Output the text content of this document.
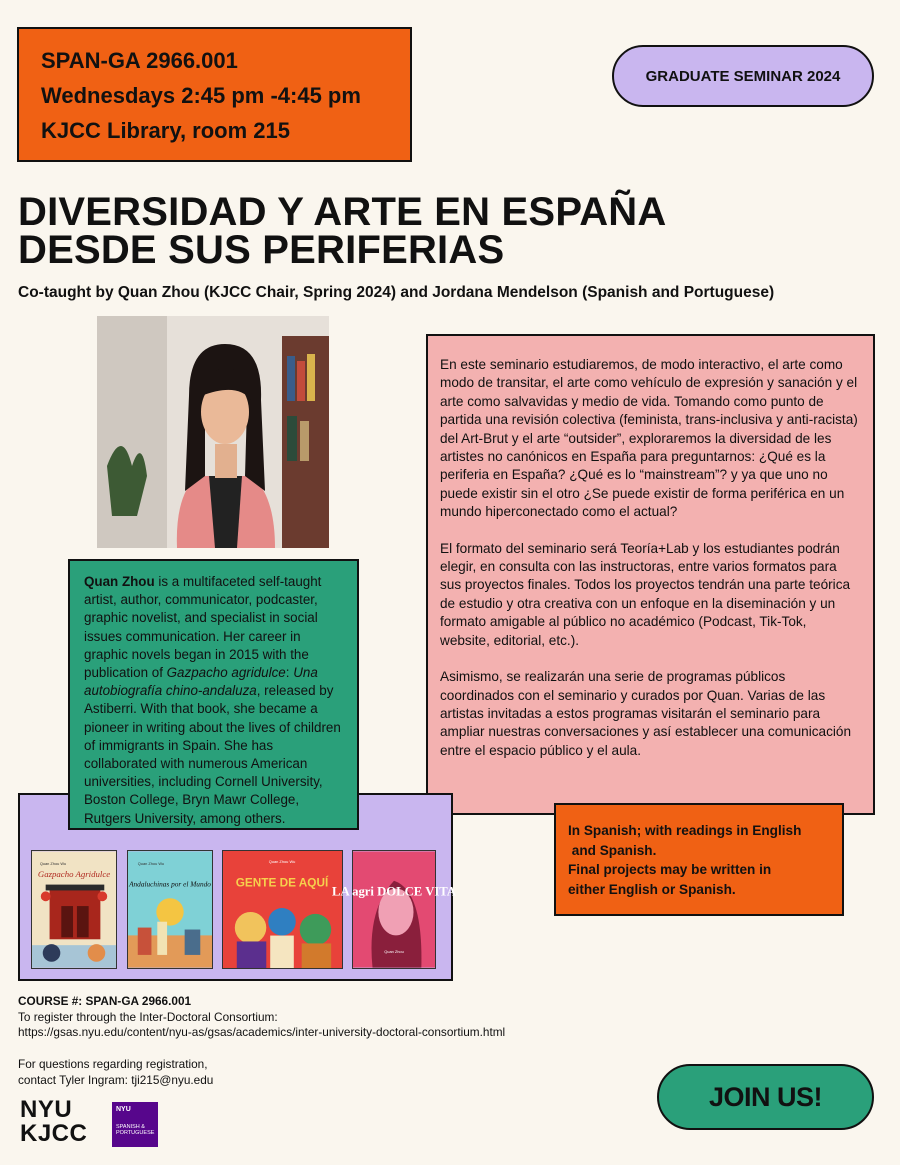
SPAN-GA 2966.001
Wednesdays 2:45 pm -4:45 pm
KJCC Library, room 215
GRADUATE SEMINAR 2024
DIVERSIDAD Y ARTE EN ESPAÑA
DESDE SUS PERIFERIAS
Co-taught by Quan Zhou (KJCC Chair, Spring 2024) and Jordana Mendelson (Spanish and Portuguese)

En este seminario estudiaremos, de modo interactivo, el arte como modo de transitar, el arte como vehículo de expresión y sanación y el arte como salvavidas y medio de vida. Tomando como punto de partida una revisión colectiva (feminista, trans-inclusiva y anti-racista) del Art-Brut y el arte “outsider”, exploraremos la diversidad de les artistes no canónicos en España para preguntarnos: ¿Qué es la periferia en España? ¿Qué es lo “mainstream”? y ya que uno no puede existir sin el otro ¿Se puede existir de forma periférica en un mundo hiperconectado como el actual?

El formato del seminario será Teoría+Lab y los estudiantes podrán elegir, en consulta con las instructoras, entre varios formatos para sus proyectos finales. Todos los proyectos tendrán una parte teórica de estudio y otra creativa con un enfoque en la diseminación y un formato amigable al público no académico (Podcast, Tik-Tok, website, editorial, etc.).

Asimismo, se realizarán una serie de programas públicos coordinados con el seminario y curados por Quan. Varias de las artistas invitadas a estos programas visitarán el seminario para ampliar nuestras conversaciones y así establecer una comunicación entre el espacio público y el aula.

Quan Zhou Wu
Gazpacho Agridulce
Quan Zhou Wu
Andaluchinas por el Mundo GENTE DE AQUÍ
Quan Zhou Wu
LA agri DOLCE VITA
Quan Zhou
Quan Zhou is a multifaceted self-taught artist, author, communicator, podcaster, graphic novelist, and specialist in social issues communication. Her career in graphic novels began in 2015 with the publication of Gazpacho agridulce: Una autobiografía chino-andaluza, released by Astiberri. With that book, she became a pioneer in writing about the lives of children of immigrants in Spain. She has collaborated with numerous American universities, including Cornell University, Boston College, Bryn Mawr College, Rutgers University, among others.
In Spanish; with readings in English
and Spanish.
Final projects may be written in
either English or Spanish.
COURSE #: SPAN-GA 2966.001
To register through the Inter-Doctoral Consortium:
https://gsas.nyu.edu/content/nyu-as/gsas/academics/inter-university-doctoral-consortium.html
For questions regarding registration,
contact Tyler Ingram: tji215@nyu.edu
JOIN US!
NYU
KJCC
NYU
SPANISH &
PORTUGUESE
